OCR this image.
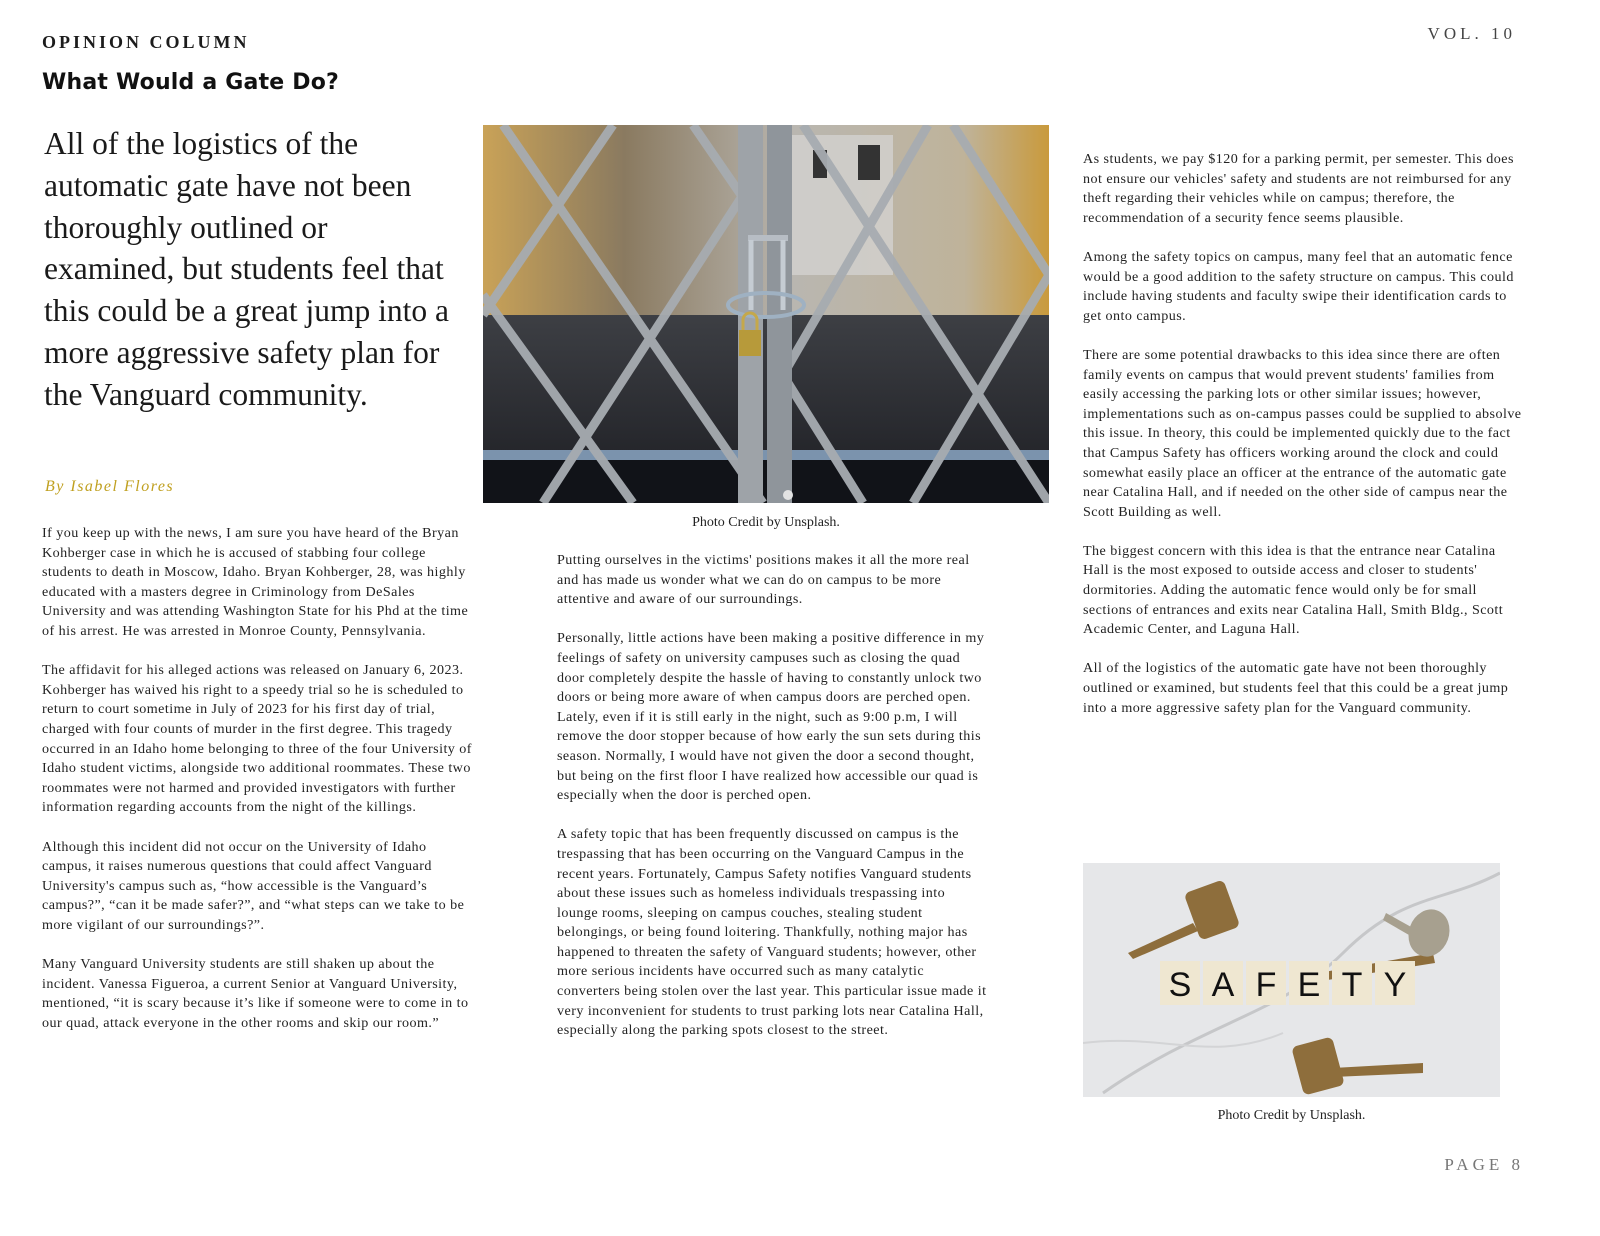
OPINION COLUMN	VOL. 10
What Would a Gate Do?
All of the logistics of the automatic gate have not been thoroughly outlined or examined, but students feel that this could be a great jump into a more aggressive safety plan for the Vanguard community.
By Isabel Flores

If you keep up with the news, I am sure you have heard of the Bryan Kohberger case in which he is accused of stabbing four college students to death in Moscow, Idaho. Bryan Kohberger, 28, was highly educated with a masters degree in Criminology from DeSales University and was attending Washington State for his Phd at the time of his arrest. He was arrested in Monroe County, Pennsylvania.

The affidavit for his alleged actions was released on January 6, 2023. Kohberger has waived his right to a speedy trial so he is scheduled to return to court sometime in July of 2023 for his first day of trial, charged with four counts of murder in the first degree. This tragedy occurred in an Idaho home belonging to three of the four University of Idaho student victims, alongside two additional roommates. These two roommates were not harmed and provided investigators with further information regarding accounts from the night of the killings.

Although this incident did not occur on the University of Idaho campus, it raises numerous questions that could affect Vanguard University's campus such as, “how accessible is the Vanguard’s campus?”, “can it be made safer?”, and “what steps can we take to be more vigilant of our surroundings?”.

Many Vanguard University students are still shaken up about the incident. Vanessa Figueroa, a current Senior at Vanguard University, mentioned, “it is scary because it’s like if someone were to come in to our quad, attack everyone in the other rooms and skip our room.”

Photo Credit by Unsplash.

Putting ourselves in the victims' positions makes it all the more real and has made us wonder what we can do on campus to be more attentive and aware of our surroundings.

Personally, little actions have been making a positive difference in my feelings of safety on university campuses such as closing the quad door completely despite the hassle of having to constantly unlock two doors or being more aware of when campus doors are perched open. Lately, even if it is still early in the night, such as 9:00 p.m, I will remove the door stopper because of how early the sun sets during this season. Normally, I would have not given the door a second thought, but being on the first floor I have realized how accessible our quad is especially when the door is perched open.

A safety topic that has been frequently discussed on campus is the trespassing that has been occurring on the Vanguard Campus in the recent years. Fortunately, Campus Safety notifies Vanguard students about these issues such as homeless individuals trespassing into lounge rooms, sleeping on campus couches, stealing student belongings, or being found loitering. Thankfully, nothing major has happened to threaten the safety of Vanguard students; however, other more serious incidents have occurred such as many catalytic converters being stolen over the last year. This particular issue made it very inconvenient for students to trust parking lots near Catalina Hall, especially along the parking spots closest to the street.

As students, we pay $120 for a parking permit, per semester. This does not ensure our vehicles' safety and students are not reimbursed for any theft regarding their vehicles while on campus; therefore, the recommendation of a security fence seems plausible.

Among the safety topics on campus, many feel that an automatic fence would be a good addition to the safety structure on campus. This could include having students and faculty swipe their identification cards to get onto campus.

There are some potential drawbacks to this idea since there are often family events on campus that would prevent students' families from easily accessing the parking lots or other similar issues; however, implementations such as on-campus passes could be supplied to absolve this issue. In theory, this could be implemented quickly due to the fact that Campus Safety has officers working around the clock and could somewhat easily place an officer at the entrance of the automatic gate near Catalina Hall, and if needed on the other side of campus near the Scott Building as well.

The biggest concern with this idea is that the entrance near Catalina Hall is the most exposed to outside access and closer to students' dormitories. Adding the automatic fence would only be for small sections of entrances and exits near Catalina Hall, Smith Bldg., Scott Academic Center, and Laguna Hall.

All of the logistics of the automatic gate have not been thoroughly outlined or examined, but students feel that this could be a great jump into a more aggressive safety plan for the Vanguard community.

S A F E T Y
Photo Credit by Unsplash.
PAGE 8
